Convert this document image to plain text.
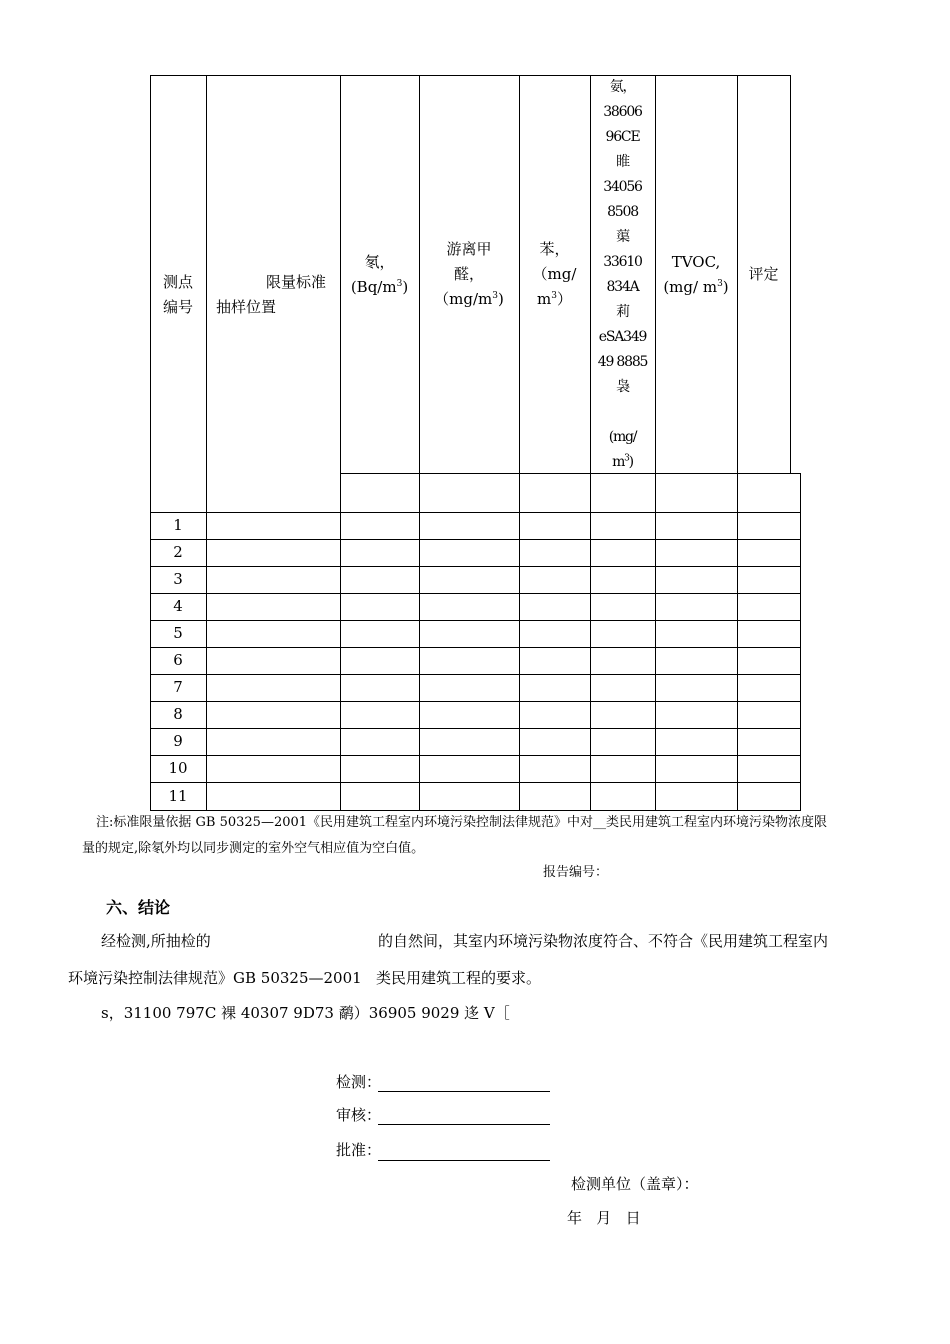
测点
编号
限量标准
抽样位置
氡，
$(Bq/m^3)$
游离甲
醛，
$(mg/m^3)$
苯，
（mg/
$m^3$）
氨，
38606
96CE
睢
34056
8508
蕖
33610
834A
莉
eSA349
49 8885
袅

(mg/
$m^3$)
TVOC,
(mg/ $m^3$)
评定
1
2
3
4
5
6
7
8
9
10
11
注:标准限量依据 GB 50325—2001《民用建筑工程室内环境污染控制法律规范》中对__类民用建筑工程室内环境污染物浓度限
量的规定,除氡外均以同步测定的室外空气相应值为空白值。
报告编号：
六、结论
经检测,所抽检的	的自然间，其室内环境污染物浓度符合、不符合《民用建筑工程室内
环境污染控制法律规范》GB 50325—2001   类民用建筑工程的要求。
s，31100 797C 裸 40307 9D73 鹬）36905 9029 迻 V［
检测：
审核：
批准：
检测单位（盖章）：
年   月   日
